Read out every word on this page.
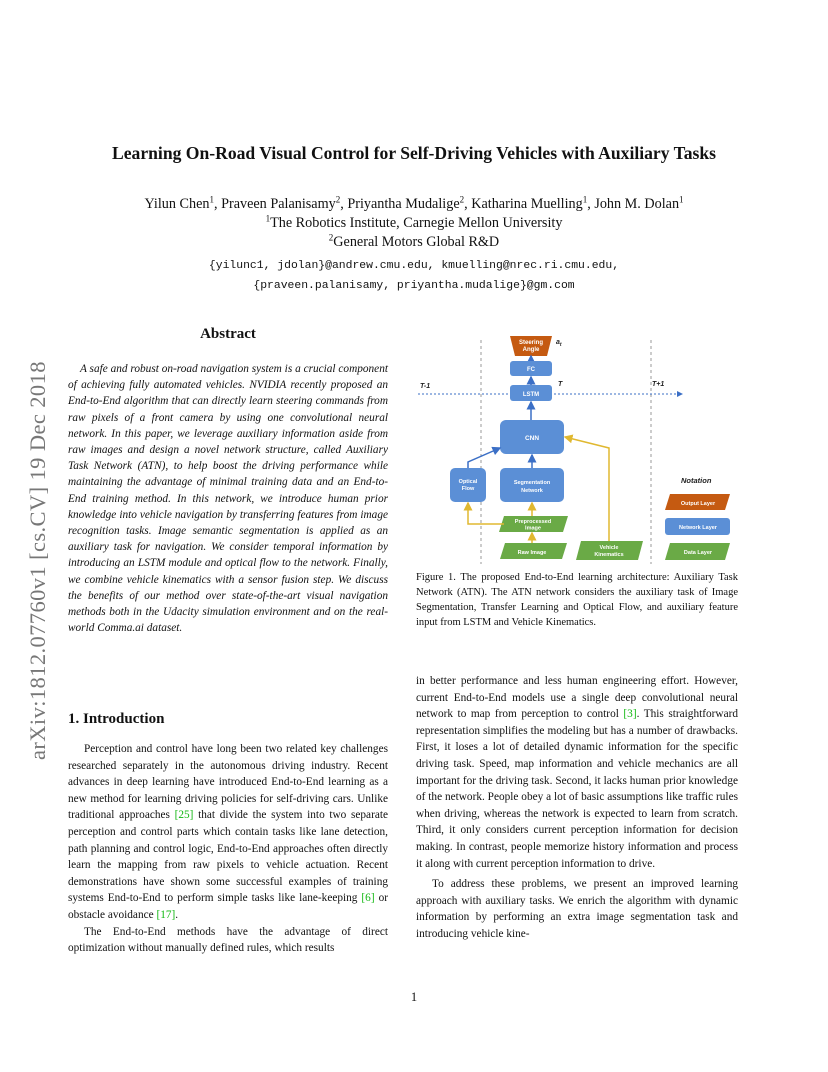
arXiv:1812.07760v1 [cs.CV] 19 Dec 2018
Learning On-Road Visual Control for Self-Driving Vehicles with Auxiliary Tasks
Yilun Chen$^1$, Praveen Palanisamy$^2$, Priyantha Mudalige$^2$, Katharina Muelling$^1$, John M. Dolan$^1$
$^1$The Robotics Institute, Carnegie Mellon University
$^2$General Motors Global R&D
{yilunc1, jdolan}@andrew.cmu.edu, kmuelling@nrec.ri.cmu.edu,
{praveen.palanisamy, priyantha.mudalige}@gm.com
Abstract
A safe and robust on-road navigation system is a crucial component of achieving fully automated vehicles. NVIDIA recently proposed an End-to-End algorithm that can directly learn steering commands from raw pixels of a front camera by using one convolutional neural network. In this paper, we leverage auxiliary information aside from raw images and design a novel network structure, called Auxiliary Task Network (ATN), to help boost the driving performance while maintaining the advantage of minimal training data and an End-to-End training method. In this network, we introduce human prior knowledge into vehicle navigation by transferring features from image recognition tasks. Image semantic segmentation is applied as an auxiliary task for navigation. We consider temporal information by introducing an LSTM module and optical flow to the network. Finally, we combine vehicle kinematics with a sensor fusion step. We discuss the benefits of our method over state-of-the-art visual navigation methods both in the Udacity simulation environment and on the real-world Comma.ai dataset.
1. Introduction

Perception and control have long been two related key challenges researched separately in the autonomous driving industry. Recent advances in deep learning have introduced End-to-End learning as a new method for learning driving policies for self-driving cars. Unlike traditional approaches [25] that divide the system into two separate perception and control parts which contain tasks like lane detection, path planning and control logic, End-to-End approaches often directly learn the mapping from raw pixels to vehicle actuation. Recent demonstrations have shown some successful examples of training systems End-to-End to perform simple tasks like lane-keeping [6] or obstacle avoidance [17].

The End-to-End methods have the advantage of direct optimization without manually defined rules, which results

T-1	T	T+1
Steering Angle
$a_t$
FC
LSTM
CNN
Optical Flow
Segmentation Network
Preprocessed Image
Raw Image
Vehicle Kinematics
Notation
Output Layer
Network Layer
Data Layer
Figure 1. The proposed End-to-End learning architecture: Auxiliary Task Network (ATN). The ATN network considers the auxiliary task of Image Segmentation, Transfer Learning and Optical Flow, and auxiliary feature input from LSTM and Vehicle Kinematics.

in better performance and less human engineering effort. However, current End-to-End models use a single deep convolutional neural network to map from perception to control [3]. This straightforward representation simplifies the modeling but has a number of drawbacks. First, it loses a lot of detailed dynamic information for the specific driving task. Speed, map information and vehicle mechanics are all important for the driving task. Second, it lacks human prior knowledge of the network. People obey a lot of basic assumptions like traffic rules when driving, whereas the network is expected to learn from scratch. Third, it only considers current perception information for decision making. In contrast, people memorize history information and process it along with current perception information to drive.

To address these problems, we present an improved learning approach with auxiliary tasks. We enrich the algorithm with dynamic information by performing an extra image segmentation task and introducing vehicle kine-

1
